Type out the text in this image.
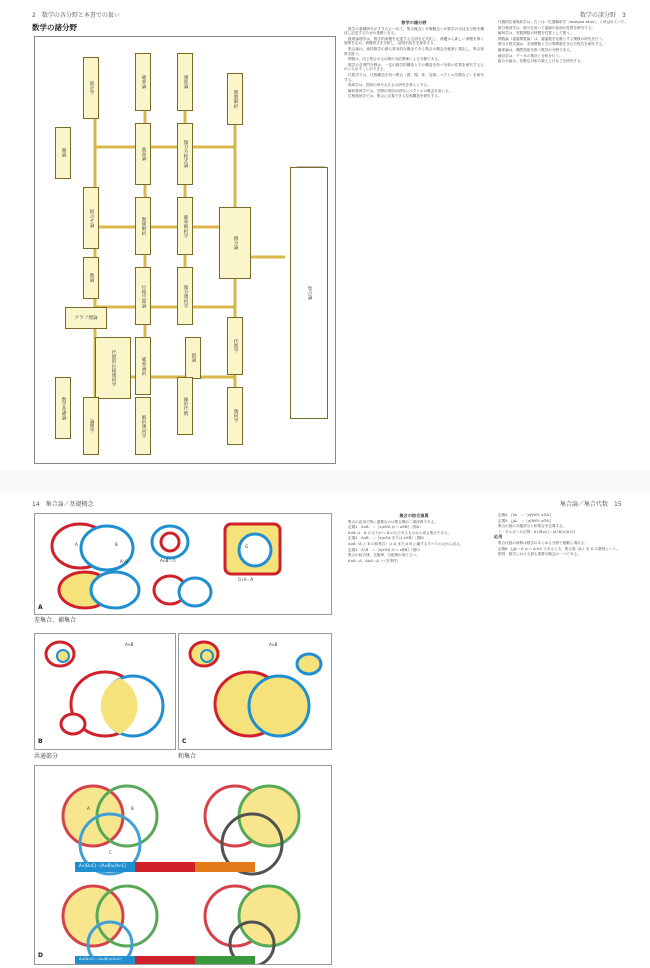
2　数学の各分野と本書での扱い	数学の諸分野　3
数学の諸分野
統計学	確率論	測度論
微分方程式論
関数解析
曲面論
積分論
組合せ論	確率解析学
数値解析
微分幾何学
位相空間論	集合論
確率論的
代数的位相幾何学
グラフ理論
群論
代数学
幾何学
数論
線形代数
解析幾何学
論理学
数学基礎論
圏論
数学の諸分野

数学の基礎研究がすすむにつれて、集合概念と写像概念とが数学のほぼ全分野を構成し記述するための基礎となる。

数理論理学は、数学的命題を記述する言語を定式化し、命題から新しい命題を導く規則を定め、命題形式を分析し、証明手続きを探求する。

集合論は、純粋数学の最も基本的な概念である集合の概念を厳密に規定し、集合演算を扱う。

関数は、同じ集合の元の間の対応関係による分類である。

数学の各専門分野は、一定の数学的構造とその構造を持つ対象の性質を研究するものとみなすことができる。

代数学では、代数構造を持つ集合（群、環、体、加群、ベクトル空間など）を研究する。

幾何学は、図形の形や大きさの研究を専らとする。

解析幾何学では、空間の図形の研究にベクトルの概念を用いる。

位相幾何学では、集合に定義できる位相構造を研究する。

代数的位相幾何学は、古くは「位置解析学（analysis situs）」と呼ばれていた。

微分幾何学は、微分を用いて曲線や曲面の性質を研究する。

解析学は、実数関数の特徴を性質として扱う。

関数論（複素関数論）は、複素数を変数とする関数の研究を行う。

微分方程式論は、未知関数とその導関数を含む方程式を研究する。

確率論は、偶然現象を扱う数学の分野である。

統計学は、データの集計と分析を行う。

組合せ論は、有限な対象の数え上げなどを研究する。

14　集合論／基礎概念	集合論／集合代数　15
A	B
A∩B＝∅
A∖B
G
G∖A＝Ā
A
差集合、補集合
A∩B
B
共通部分
A∪B
C
和集合
A∩(B∪C)＝(A∩B)∪(A∩C)
A∪(B∩C)＝(A∪B)∩(A∪C)
A	B
C
D
集合の結合演算

集合の応用で特に重要なのは集合間の二項演算である。

定義1　A∩B：＝｛x|x∈A かつ x∈B｝（図A）

A∩B は、A の元でかつ B の元であるものから成る集合である。

定義2　A∪B：＝｛x|x∈A または x∈B｝（図B）

A∪B（A と B の和集合）は A または B に属するすべての元から成る。

定義3　A∖B：＝｛x|x∈A かつ x∉B｝（図C）

集合の結合律、交換律、分配律が成り立つ。

A∩A＝A、A∪A＝A（べき等性）

定義4　⋂Aᵢ：＝｛x|∀i∈I: x∈Aᵢ｝

定義5　⋃Aᵢ：＝｛x|∃i∈I: x∈Aᵢ｝

集合の族の共通部分と和集合を定義する。

ド・モルガンの法則：A∖(B∪C)＝(A∖B)∩(A∖C)

応用

集合代数の演算は数学のあらゆる分野で頻繁に現れる。

定義6　⋃Aᵢ＝G かつ Aᵢ≠∅ であるとき、集合族｛Aᵢ｝を G の類別という。

類別　数学における最も重要な概念の一つである。
